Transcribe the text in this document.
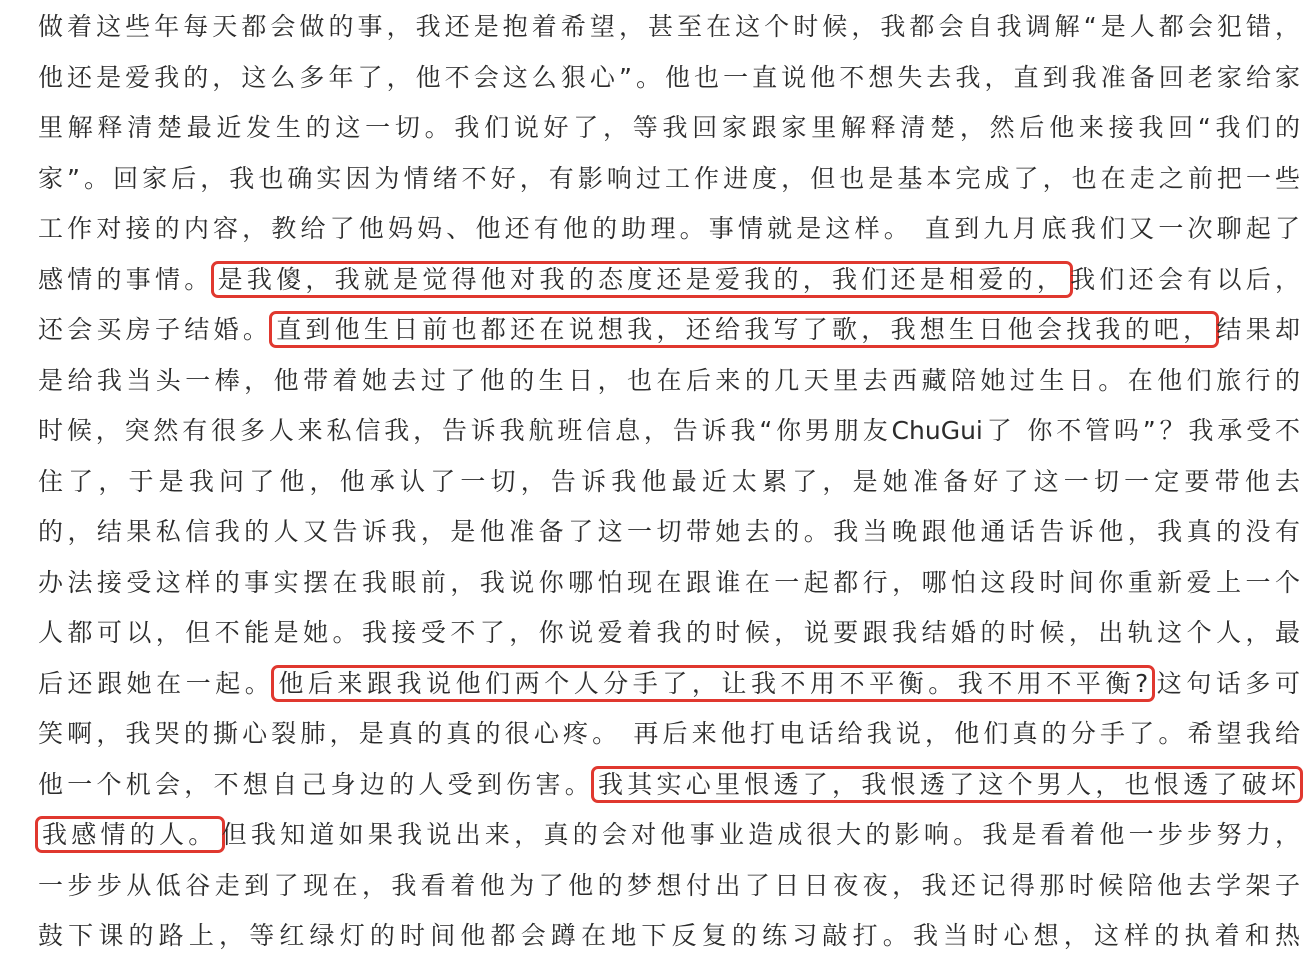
做着这些年每天都会做的事，我还是抱着希望，甚至在这个时候，我都会自我调解“是人都会犯错，
他还是爱我的，这么多年了，他不会这么狠心”。他也一直说他不想失去我，直到我准备回老家给家
里解释清楚最近发生的这一切。我们说好了，等我回家跟家里解释清楚，然后他来接我回“我们的
家”。回家后，我也确实因为情绪不好，有影响过工作进度，但也是基本完成了，也在走之前把一些
工作对接的内容，教给了他妈妈、他还有他的助理。事情就是这样。 直到九月底我们又一次聊起了
感情的事情。 是我傻，我就是觉得他对我的态度还是爱我的，我们还是相爱的， 我们还会有以后，
还会买房子结婚。 直到他生日前也都还在说想我，还给我写了歌，我想生日他会找我的吧， 结果却
是给我当头一棒，他带着她去过了他的生日，也在后来的几天里去西藏陪她过生日。在他们旅行的
时候，突然有很多人来私信我，告诉我航班信息，告诉我“你男朋友ChuGui了 你不管吗”？我承受不
住了，于是我问了他，他承认了一切，告诉我他最近太累了，是她准备好了这一切一定要带他去
的，结果私信我的人又告诉我，是他准备了这一切带她去的。我当晚跟他通话告诉他，我真的没有
办法接受这样的事实摆在我眼前，我说你哪怕现在跟谁在一起都行，哪怕这段时间你重新爱上一个
人都可以，但不能是她。我接受不了，你说爱着我的时候，说要跟我结婚的时候，出轨这个人，最
后还跟她在一起。 他后来跟我说他们两个人分手了，让我不用不平衡。我不用不平衡? 这句话多可
笑啊，我哭的撕心裂肺，是真的真的很心疼。 再后来他打电话给我说，他们真的分手了。希望我给
他一个机会，不想自己身边的人受到伤害。 我其实心里恨透了，我恨透了这个男人，也恨透了破坏
我感情的人。 但我知道如果我说出来，真的会对他事业造成很大的影响。我是看着他一步步努力，
一步步从低谷走到了现在，我看着他为了他的梦想付出了日日夜夜，我还记得那时候陪他去学架子
鼓下课的路上，等红绿灯的时间他都会蹲在地下反复的练习敲打。我当时心想，这样的执着和热
